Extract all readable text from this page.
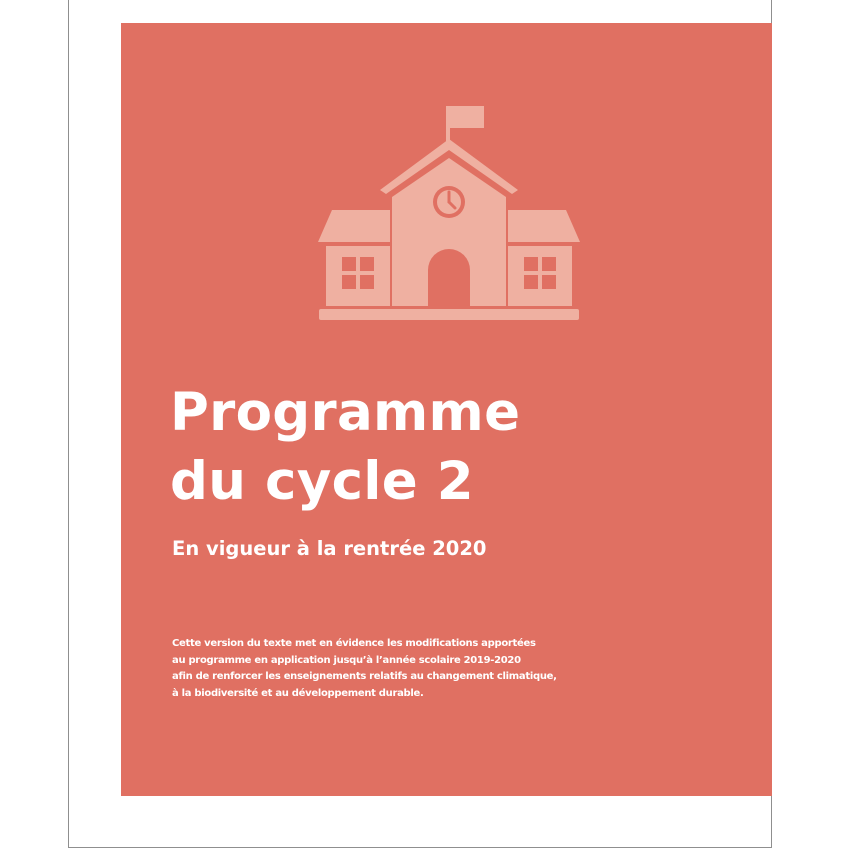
Programme
du cycle 2

En vigueur à la rentrée 2020

Cette version du texte met en évidence les modifications apportées
au programme en application jusqu’à l’année scolaire 2019-2020
afin de renforcer les enseignements relatifs au changement climatique,
à la biodiversité et au développement durable.
